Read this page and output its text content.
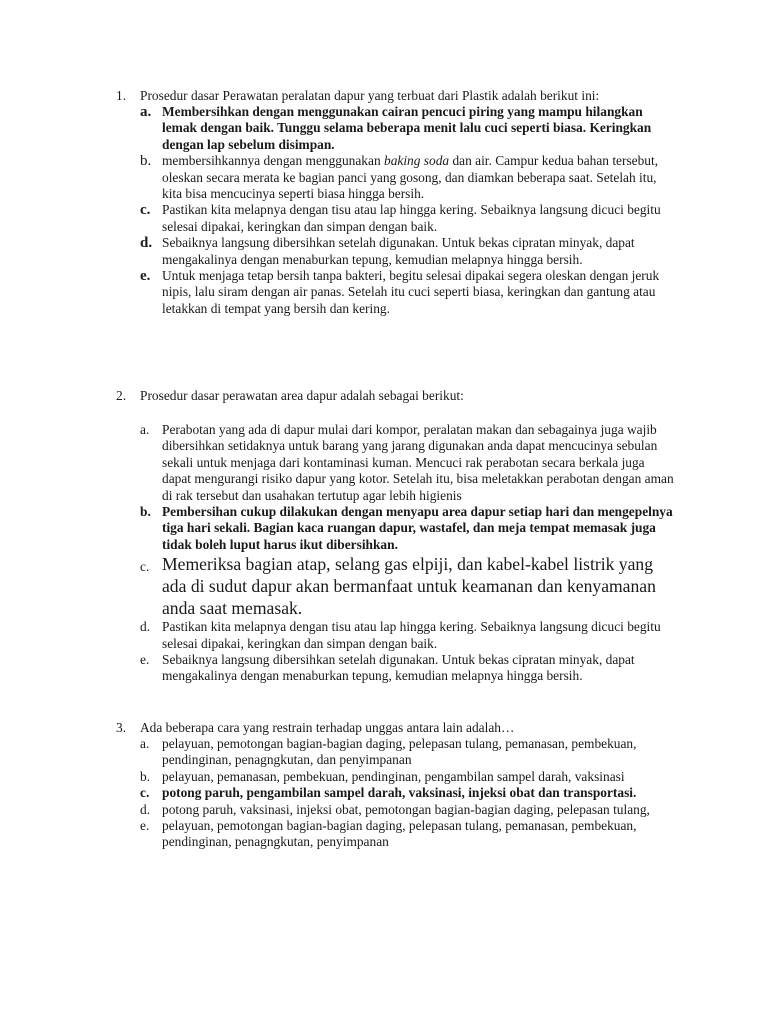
1. Prosedur dasar Perawatan peralatan dapur yang terbuat dari Plastik adalah berikut ini:
a. Membersihkan dengan menggunakan cairan pencuci piring yang mampu hilangkan lemak dengan baik. Tunggu selama beberapa menit lalu cuci seperti biasa. Keringkan dengan lap sebelum disimpan.
b. membersihkannya dengan menggunakan baking soda dan air. Campur kedua bahan tersebut, oleskan secara merata ke bagian panci yang gosong, dan diamkan beberapa saat. Setelah itu, kita bisa mencucinya seperti biasa hingga bersih.
c. Pastikan kita melapnya dengan tisu atau lap hingga kering. Sebaiknya langsung dicuci begitu selesai dipakai, keringkan dan simpan dengan baik.
d. Sebaiknya langsung dibersihkan setelah digunakan. Untuk bekas cipratan minyak, dapat mengakalinya dengan menaburkan tepung, kemudian melapnya hingga bersih.
e. Untuk menjaga tetap bersih tanpa bakteri, begitu selesai dipakai segera oleskan dengan jeruk nipis, lalu siram dengan air panas. Setelah itu cuci seperti biasa, keringkan dan gantung atau letakkan di tempat yang bersih dan kering.
2. Prosedur dasar perawatan area dapur adalah sebagai berikut:
a. Perabotan yang ada di dapur mulai dari kompor, peralatan makan dan sebagainya juga wajib dibersihkan setidaknya untuk barang yang jarang digunakan anda dapat mencucinya sebulan sekali untuk menjaga dari kontaminasi kuman. Mencuci rak perabotan secara berkala juga dapat mengurangi risiko dapur yang kotor. Setelah itu, bisa meletakkan perabotan dengan aman di rak tersebut dan usahakan tertutup agar lebih higienis
b. Pembersihan cukup dilakukan dengan menyapu area dapur setiap hari dan mengepelnya tiga hari sekali. Bagian kaca ruangan dapur, wastafel, dan meja tempat memasak juga tidak boleh luput harus ikut dibersihkan.
c. Memeriksa bagian atap, selang gas elpiji, dan kabel-kabel listrik yang ada di sudut dapur akan bermanfaat untuk keamanan dan kenyamanan anda saat memasak.
d. Pastikan kita melapnya dengan tisu atau lap hingga kering. Sebaiknya langsung dicuci begitu selesai dipakai, keringkan dan simpan dengan baik.
e. Sebaiknya langsung dibersihkan setelah digunakan. Untuk bekas cipratan minyak, dapat mengakalinya dengan menaburkan tepung, kemudian melapnya hingga bersih.
3. Ada beberapa cara yang restrain terhadap unggas antara lain adalah…
a. pelayuan, pemotongan bagian-bagian daging, pelepasan tulang, pemanasan, pembekuan, pendinginan, penagngkutan, dan penyimpanan
b. pelayuan, pemanasan, pembekuan, pendinginan, pengambilan sampel darah, vaksinasi
c. potong paruh, pengambilan sampel darah, vaksinasi, injeksi obat dan transportasi.
d. potong paruh, vaksinasi, injeksi obat, pemotongan bagian-bagian daging, pelepasan tulang,
e. pelayuan, pemotongan bagian-bagian daging, pelepasan tulang, pemanasan, pembekuan, pendinginan, penagngkutan, penyimpanan
